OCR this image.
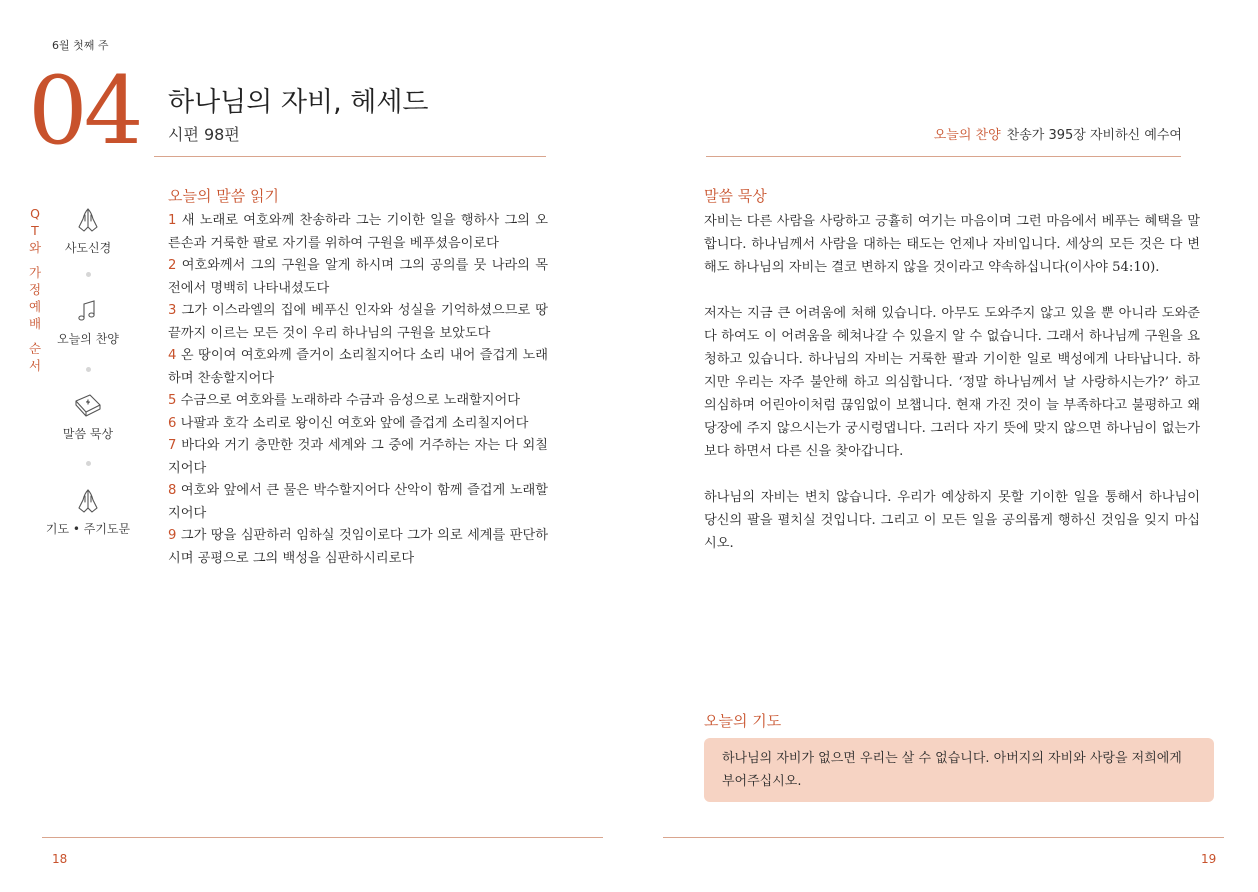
6월 첫째 주
04 하나님의 자비, 헤세드
시편 98편
Q
T
와
가
정
예
배
순
서
사도신경
오늘의 찬양
말씀 묵상
기도 • 주기도문
오늘의 말씀 읽기
1 새 노래로 여호와께 찬송하라 그는 기이한 일을 행하사 그의 오른손과 거룩한 팔로 자기를 위하여 구원을 베푸셨음이로다
2 여호와께서 그의 구원을 알게 하시며 그의 공의를 뭇 나라의 목전에서 명백히 나타내셨도다
3 그가 이스라엘의 집에 베푸신 인자와 성실을 기억하셨으므로 땅 끝까지 이르는 모든 것이 우리 하나님의 구원을 보았도다
4 온 땅이여 여호와께 즐거이 소리칠지어다 소리 내어 즐겁게 노래하며 찬송할지어다
5 수금으로 여호와를 노래하라 수금과 음성으로 노래할지어다
6 나팔과 호각 소리로 왕이신 여호와 앞에 즐겁게 소리칠지어다
7 바다와 거기 충만한 것과 세계와 그 중에 거주하는 자는 다 외칠지어다
8 여호와 앞에서 큰 물은 박수할지어다 산악이 함께 즐겁게 노래할지어다
9 그가 땅을 심판하러 임하실 것임이로다 그가 의로 세계를 판단하시며 공평으로 그의 백성을 심판하시리로다
18
오늘의 찬양 찬송가 395장 자비하신 예수여
말씀 묵상

자비는 다른 사람을 사랑하고 긍휼히 여기는 마음이며 그런 마음에서 베푸는 혜택을 말합니다. 하나님께서 사람을 대하는 태도는 언제나 자비입니다. 세상의 모든 것은 다 변해도 하나님의 자비는 결코 변하지 않을 것이라고 약속하십니다(이사야 54:10).

저자는 지금 큰 어려움에 처해 있습니다. 아무도 도와주지 않고 있을 뿐 아니라 도와준다 하여도 이 어려움을 헤쳐나갈 수 있을지 알 수 없습니다. 그래서 하나님께 구원을 요청하고 있습니다. 하나님의 자비는 거룩한 팔과 기이한 일로 백성에게 나타납니다. 하지만 우리는 자주 불안해 하고 의심합니다. ‘정말 하나님께서 날 사랑하시는가?’ 하고 의심하며 어린아이처럼 끊임없이 보챕니다. 현재 가진 것이 늘 부족하다고 불평하고 왜 당장에 주지 않으시는가 궁시렁댑니다. 그러다 자기 뜻에 맞지 않으면 하나님이 없는가 보다 하면서 다른 신을 찾아갑니다.

하나님의 자비는 변치 않습니다. 우리가 예상하지 못할 기이한 일을 통해서 하나님이 당신의 팔을 펼치실 것입니다. 그리고 이 모든 일을 공의롭게 행하신 것임을 잊지 마십시오.

오늘의 기도
하나님의 자비가 없으면 우리는 살 수 없습니다. 아버지의 자비와 사랑을 저희에게 부어주십시오.
19
